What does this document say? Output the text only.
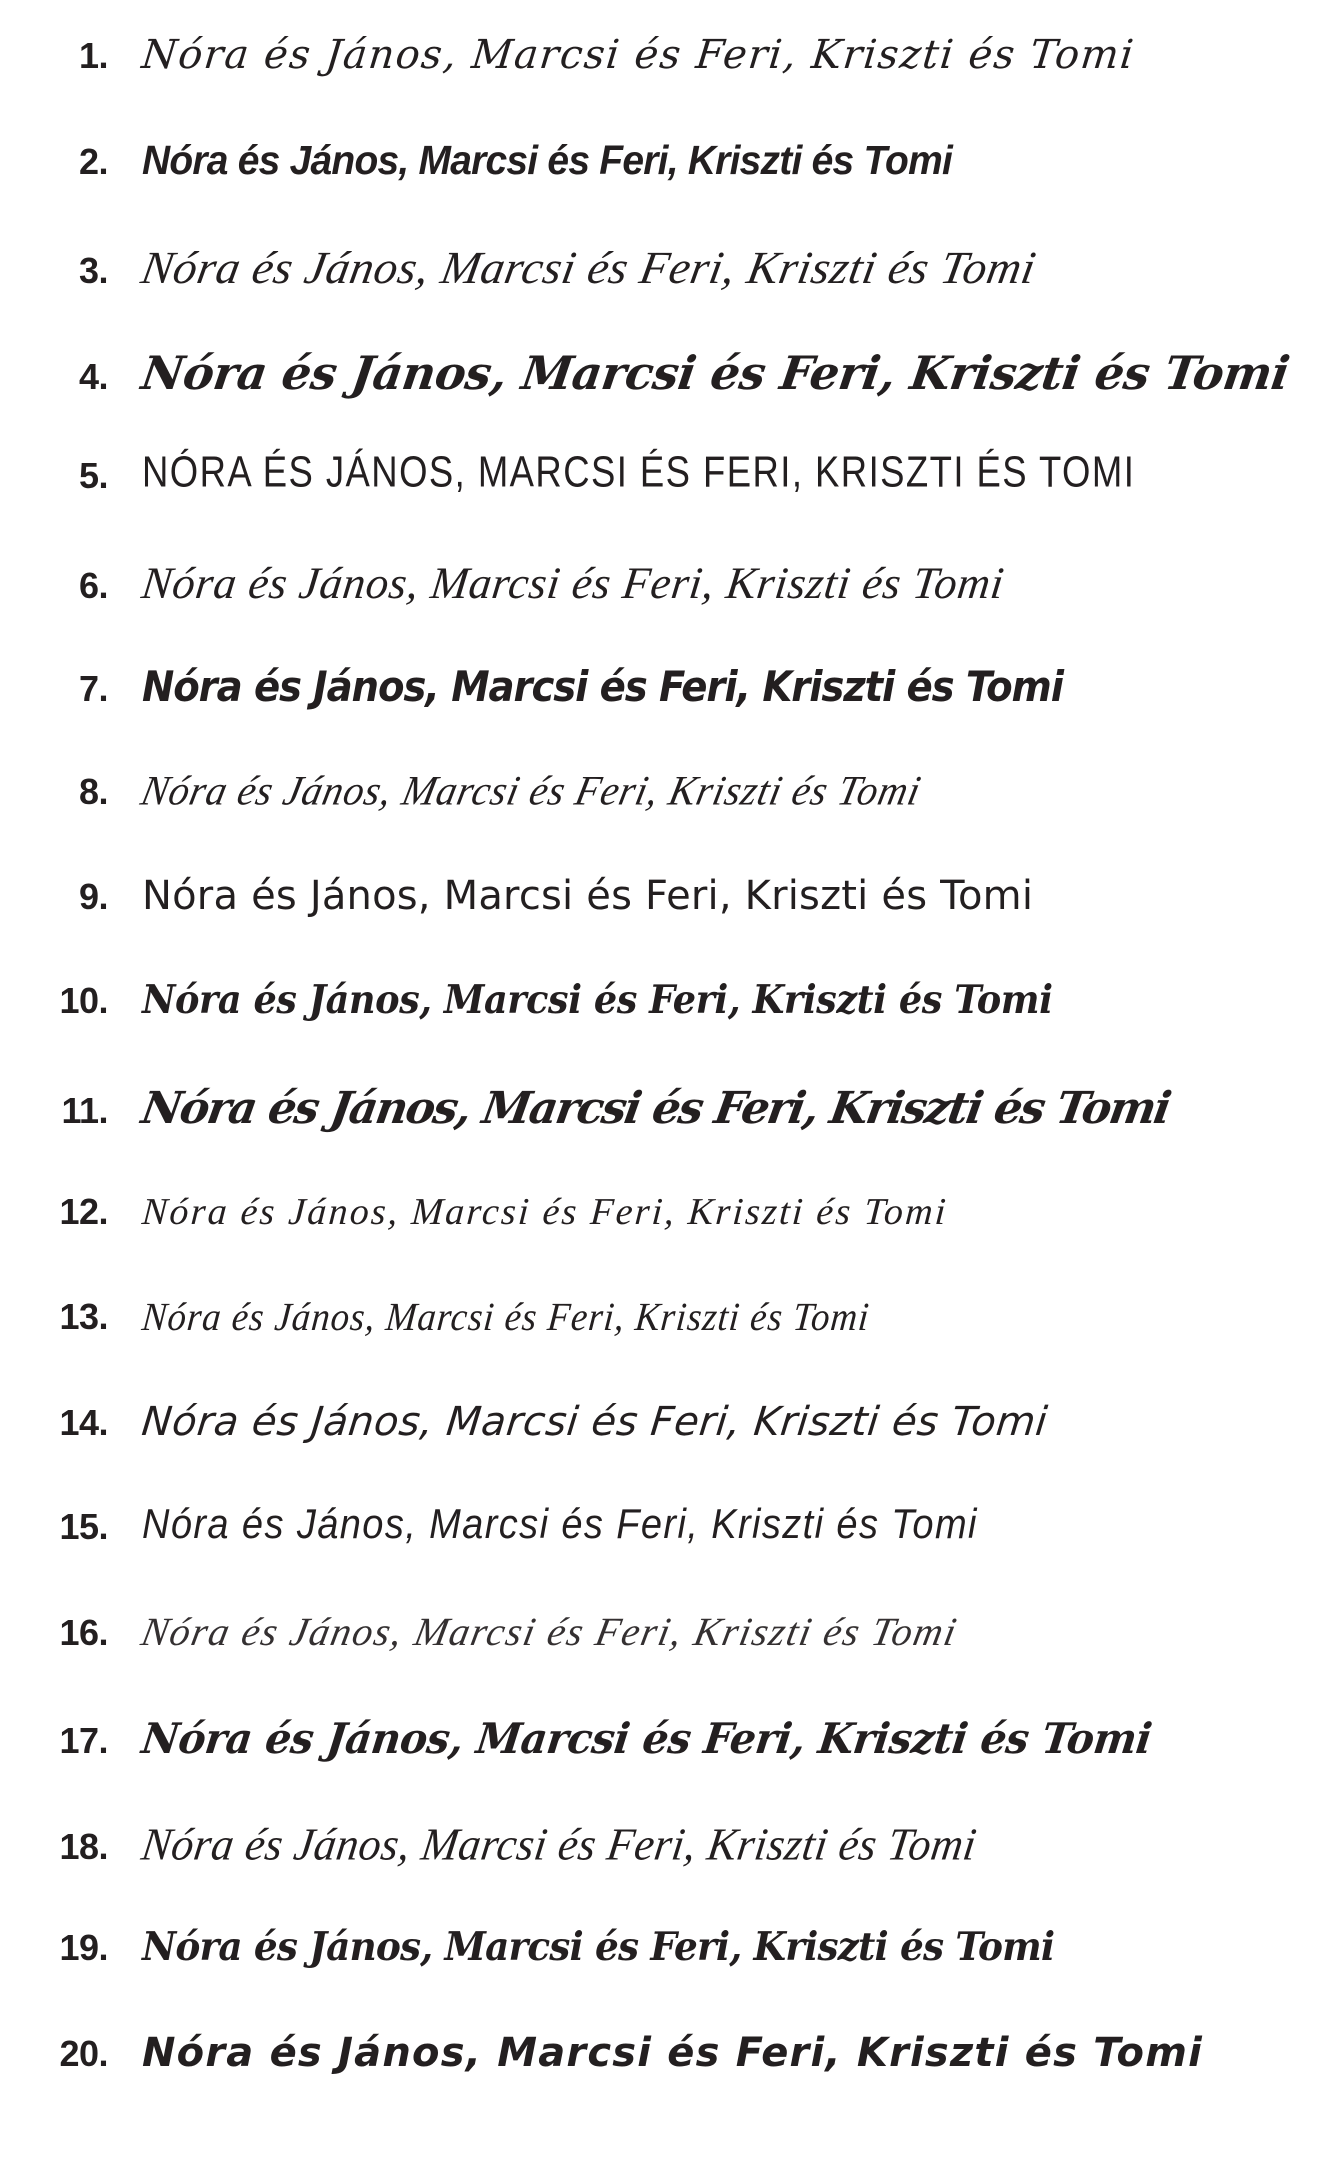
1. Nóra és János, Marcsi és Feri, Kriszti és Tomi
2. Nóra és János, Marcsi és Feri, Kriszti és Tomi
3. Nóra és János, Marcsi és Feri, Kriszti és Tomi
4. Nóra és János, Marcsi és Feri, Kriszti és Tomi
5. NÓRA ÉS JÁNOS, MARCSI ÉS FERI, KRISZTI ÉS TOMI
6. Nóra és János, Marcsi és Feri, Kriszti és Tomi
7. Nóra és János, Marcsi és Feri, Kriszti és Tomi
8. Nóra és János, Marcsi és Feri, Kriszti és Tomi
9. Nóra és János, Marcsi és Feri, Kriszti és Tomi
10. Nóra és János, Marcsi és Feri, Kriszti és Tomi
11. Nóra és János, Marcsi és Feri, Kriszti és Tomi
12. Nóra és János, Marcsi és Feri, Kriszti és Tomi
13. Nóra és János, Marcsi és Feri, Kriszti és Tomi
14. Nóra és János, Marcsi és Feri, Kriszti és Tomi
15. Nóra és János, Marcsi és Feri, Kriszti és Tomi
16. Nóra és János, Marcsi és Feri, Kriszti és Tomi
17. Nóra és János, Marcsi és Feri, Kriszti és Tomi
18. Nóra és János, Marcsi és Feri, Kriszti és Tomi
19. Nóra és János, Marcsi és Feri, Kriszti és Tomi
20. Nóra és János, Marcsi és Feri, Kriszti és Tomi
